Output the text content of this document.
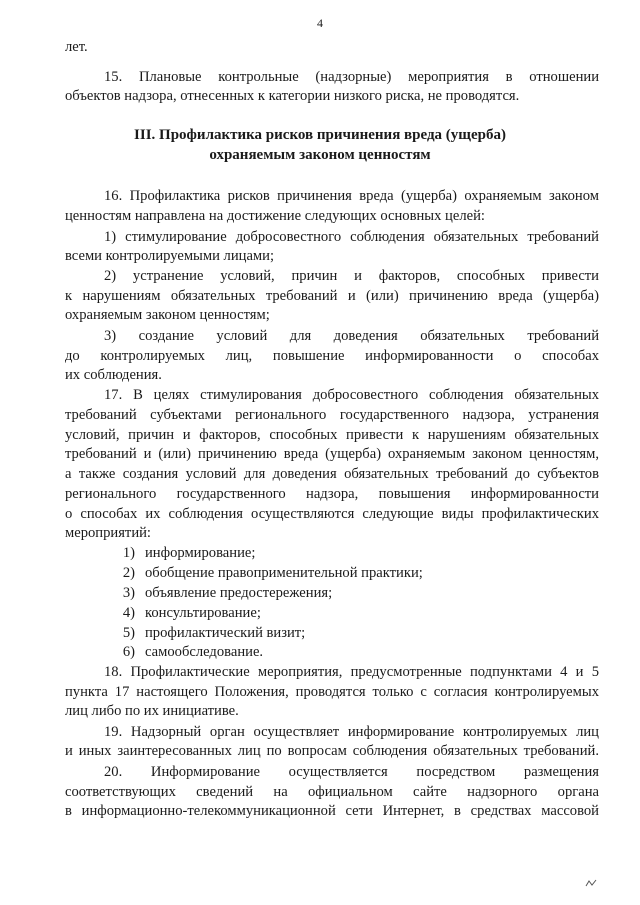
4
лет.
15. Плановые контрольные (надзорные) мероприятия в отношении
объектов надзора, отнесенных к категории низкого риска, не проводятся.
III. Профилактика рисков причинения вреда (ущерба)
охраняемым законом ценностям
16. Профилактика рисков причинения вреда (ущерба) охраняемым законом
ценностям направлена на достижение следующих основных целей:
1) стимулирование добросовестного соблюдения обязательных требований
всеми контролируемыми лицами;
2) устранение условий, причин и факторов, способных привести
к нарушениям обязательных требований и (или) причинению вреда (ущерба)
охраняемым законом ценностям;
3) создание условий для доведения обязательных требований
до контролируемых лиц, повышение информированности о способах
их соблюдения.
17. В целях стимулирования добросовестного соблюдения обязательных
требований субъектами регионального государственного надзора, устранения
условий, причин и факторов, способных привести к нарушениям обязательных
требований и (или) причинению вреда (ущерба) охраняемым законом ценностям,
а также создания условий для доведения обязательных требований до субъектов
регионального государственного надзора, повышения информированности
о способах их соблюдения осуществляются следующие виды профилактических
мероприятий:
1) информирование;
2) обобщение правоприменительной практики;
3) объявление предостережения;
4) консультирование;
5) профилактический визит;
6) самообследование.
18. Профилактические мероприятия, предусмотренные подпунктами 4 и 5
пункта 17 настоящего Положения, проводятся только с согласия контролируемых
лиц либо по их инициативе.
19. Надзорный орган осуществляет информирование контролируемых лиц
и иных заинтересованных лиц по вопросам соблюдения обязательных требований.
20. Информирование осуществляется посредством размещения
соответствующих сведений на официальном сайте надзорного органа
в информационно-телекоммуникационной сети Интернет, в средствах массовой
